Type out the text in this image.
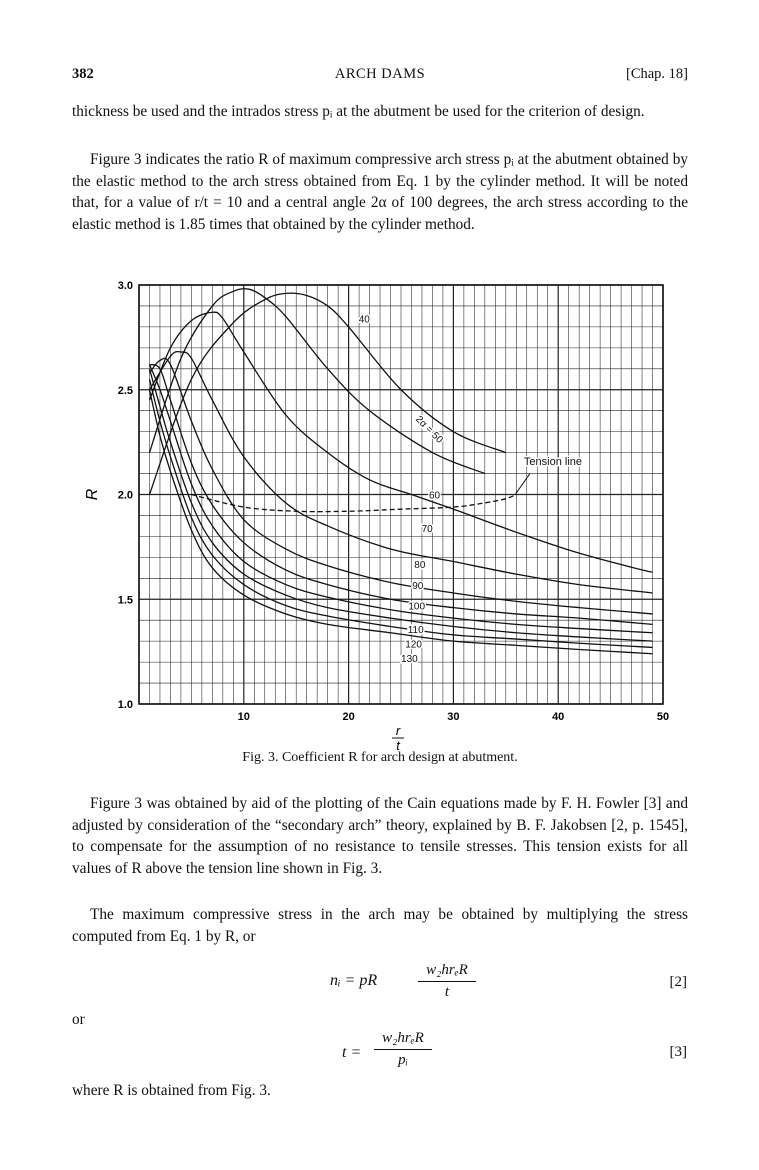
382	ARCH DAMS	[Chap. 18]

thickness be used and the intrados stress pᵢ at the abutment be used for the criterion of design.

Figure 3 indicates the ratio R of maximum compressive arch stress pᵢ at the abutment obtained by the elastic method to the arch stress obtained from Eq. 1 by the cylinder method. It will be noted that, for a value of r/t = 10 and a central angle 2α of 100 degrees, the arch stress according to the elastic method is 1.85 times that obtained by the cylinder method.

10	20	30	40	50
1.0
1.5
2.0
2.5
3.0
r
t
R
40
60
70
80
90
100
110
120
130
2α = 50
Tension line
Fig. 3. Coefficient R for arch design at abutment.

Figure 3 was obtained by aid of the plotting of the Cain equations made by F. H. Fowler [3] and adjusted by consideration of the “secondary arch” theory, explained by B. F. Jakobsen [2, p. 1545], to compensate for the assumption of no resistance to tensile stresses. This tension exists for all values of R above the tension line shown in Fig. 3.

The maximum compressive stress in the arch may be obtained by multiplying the stress computed from Eq. 1 by R, or

nᵢ = pR
w₂hrₑR
t
[2]
or
t =
w₂hrₑR
pᵢ	[3]
where R is obtained from Fig. 3.
